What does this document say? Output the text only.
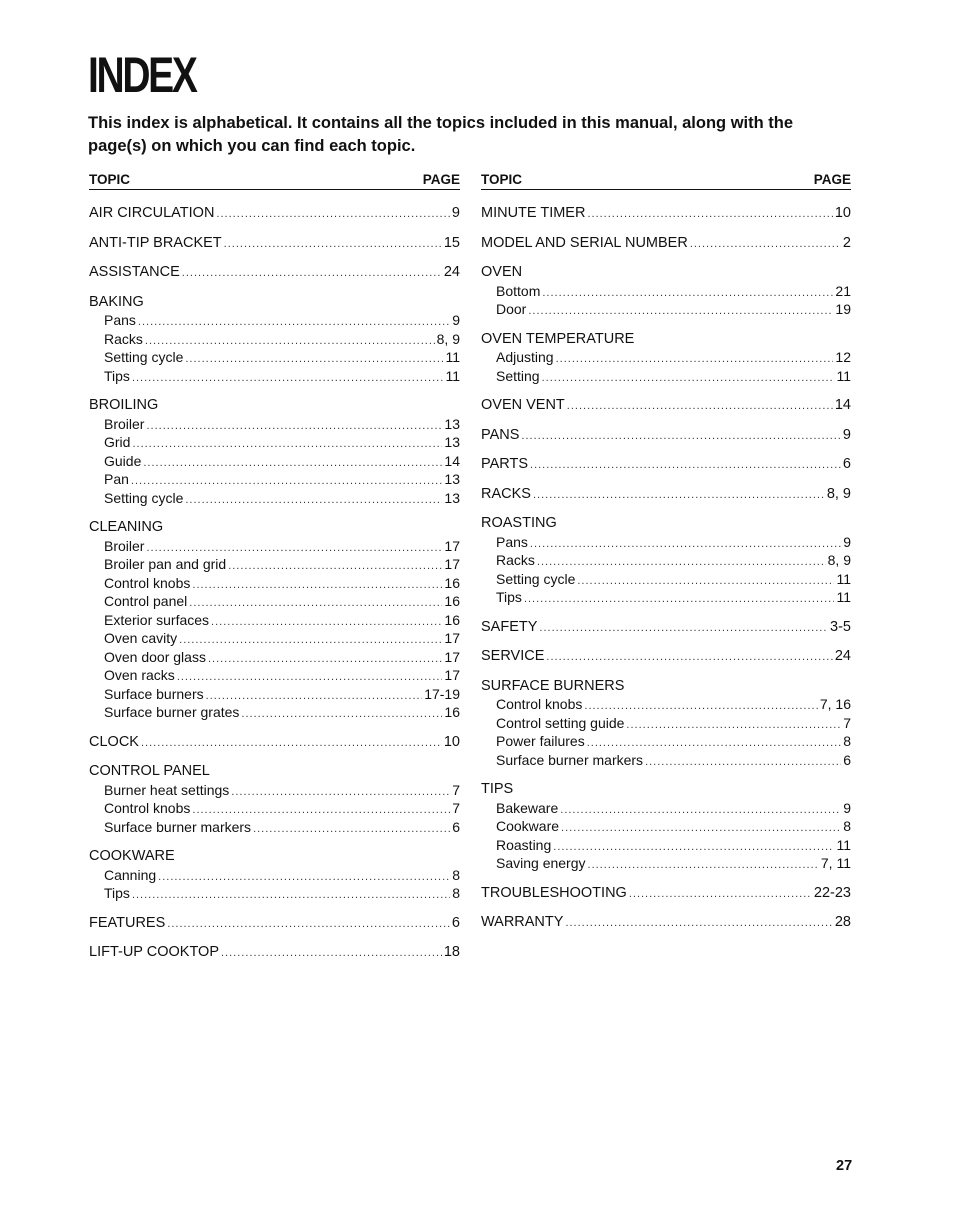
INDEX

This index is alphabetical. It contains all the topics included in this manual, along with the page(s) on which you can find each topic.

TOPIC	PAGE
AIR CIRCULATION .....	9
ANTI-TIP BRACKET .....	15
ASSISTANCE .....	24
BAKING
Pans .....	9
Racks .....	8, 9
Setting cycle .....	11
Tips .....	11
BROILING
Broiler .....	13
Grid .....	13
Guide .....	14
Pan .....	13
Setting cycle .....	13
CLEANING
Broiler .....	17
Broiler pan and grid .....	17
Control knobs .....	16
Control panel .....	16
Exterior surfaces .....	16
Oven cavity .....	17
Oven door glass .....	17
Oven racks .....	17
Surface burners .....	17-19
Surface burner grates .....	16
CLOCK .....	10
CONTROL PANEL
Burner heat settings .....	7
Control knobs .....	7
Surface burner markers .....	6
COOKWARE
Canning .....	8
Tips .....	8
FEATURES .....	6
LIFT-UP COOKTOP .....	18
TOPIC	PAGE
MINUTE TIMER .....	10
MODEL AND SERIAL NUMBER .....	2
OVEN
Bottom .....	21
Door .....	19
OVEN TEMPERATURE
Adjusting .....	12
Setting .....	11
OVEN VENT .....	14
PANS .....	9
PARTS .....	6
RACKS .....	8, 9
ROASTING
Pans .....	9
Racks .....	8, 9
Setting cycle .....	11
Tips .....	11
SAFETY .....	3-5
SERVICE .....	24
SURFACE BURNERS
Control knobs .....	7, 16
Control setting guide .....	7
Power failures .....	8
Surface burner markers .....	6
TIPS
Bakeware .....	9
Cookware .....	8
Roasting .....	11
Saving energy .....	7, 11
TROUBLESHOOTING .....	22-23
WARRANTY .....	28
27
